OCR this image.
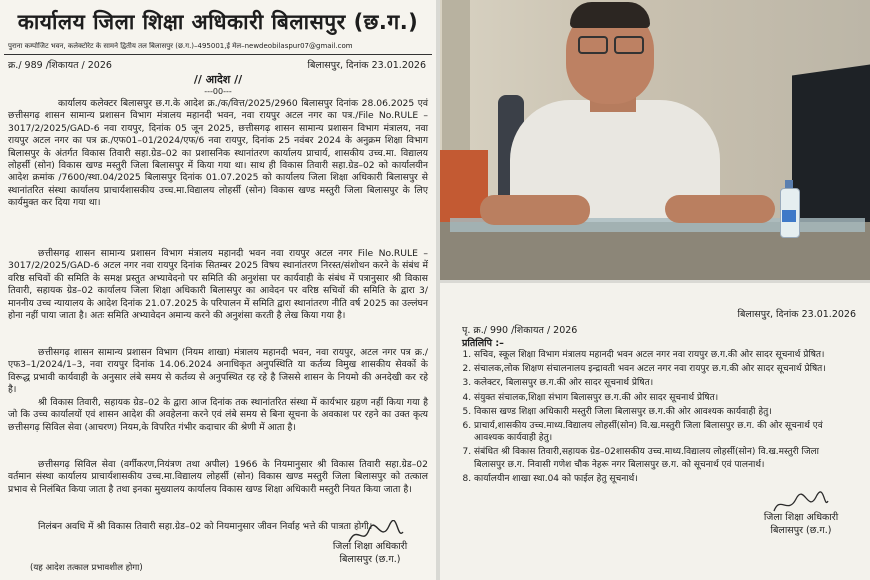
कार्यालय जिला शिक्षा अधिकारी बिलासपुर (छ.ग.)
पुराना कम्पोजिट भवन, कलेक्टोरेट के सामने द्वितीय तल बिलासपुर (छ.ग.)–495001,ई मेल–newdeobilaspur07@gmail.com
क्र./ 989 /शिकायत / 2026	बिलासपुर, दिनांक 23.01.2026
// आदेश //
---00---
कार्यालय कलेक्टर बिलासपुर छ.ग.के आदेश क्र./क/वित्त/2025/2960 बिलासपुर दिनांक 28.06.2025 एवं छत्तीसगढ़ शासन सामान्य प्रशासन विभाग मंत्रालय महानदी भवन, नवा रायपुर अटल नगर का पत्र./File No.RULE – 3017/2/2025/GAD-6 नवा रायपुर, दिनांक 05 जून 2025, छत्तीसगढ़ शासन सामान्य प्रशासन विभाग मंत्रालय, नवा रायपुर अटल नगर का पत्र क्र./एफ01–01/2024/एफ/6 नवा रायपुर, दिनांक 25 नवंबर 2024 के अनुक्रम शिक्षा विभाग बिलासपुर के अंतर्गत विकास तिवारी सहा.ग्रेड–02 का प्रशासनिक स्थानांतरण कार्यालय प्राचार्य, शासकीय उच्च.मा. विद्यालय लोहर्सी (सोन) विकास खण्ड मस्तुरी जिला बिलासपुर में किया गया था। साथ ही विकास तिवारी सहा.ग्रेड–02 को कार्यालयीन आदेश क्रमांक /7600/स्था.04/2025 बिलासपुर दिनांक 01.07.2025 को कार्यालय जिला शिक्षा अधिकारी बिलासपुर से स्थानांतरित संस्था कार्यालय प्राचार्यशासकीय उच्च.मा.विद्यालय लोहर्सी (सोन) विकास खण्ड मस्तुरी जिला बिलासपुर के लिए कार्यमुक्त कर दिया गया था।
छत्तीसगढ़ शासन सामान्य प्रशासन विभाग मंत्रालय महानदी भवन नवा रायपुर अटल नगर File No.RULE – 3017/2/2025/GAD-6 अटल नगर नवा रायपुर दिनांक सितम्बर 2025 विषय स्थानांतरण निरस्त/संशोधन करने के संबंध में वरिष्ठ सचिवों की समिति के समक्ष प्रस्तुत अभ्यावेदनो पर समिति की अनुशंसा पर कार्यवाही के संबंध में पत्रानुसार श्री विकास तिवारी, सहायक ग्रेड–02 कार्यालय जिला शिक्षा अधिकारी बिलासपुर का आवेदन पर वरिष्ठ सचिवों की समिति के द्वारा 3/माननीय उच्च न्यायालय के आदेश दिनांक 21.07.2025 के परिपालन में समिति द्वारा स्थानांतरण नीति वर्ष 2025 का उल्लंघन होना नहीं पाया जाता है। अतः समिति अभ्यावेदन अमान्य करने की अनुशंसा करती है लेख किया गया है।
छत्तीसगढ़ शासन सामान्य प्रशासन विभाग (नियम शाखा) मंत्रालय महानदी भवन, नवा रायपुर, अटल नगर पत्र क्र./एफ3–1/2024/1–3, नवा रायपुर दिनांक 14.06.2024 अनाधिकृत अनुपस्थिति या कर्तव्य विमुख शासकीय सेवकों के विरूद्ध प्रभावी कार्यवाही के अनुसार लंबे समय से कर्तव्य से अनुपस्थित रह रहे है जिससे शासन के नियमो की अनदेखी कर रहे है।
श्री विकास तिवारी, सहायक ग्रेड–02 के द्वारा आज दिनांक तक स्थानांतरित संस्था में कार्यभार ग्रहण नहीं किया गया है जो कि उच्च कार्यालयों एवं शासन आदेश की अवहेलना करने एवं लंबे समय से बिना सूचना के अवकाश पर रहने का उक्त कृत्य छत्तीसगढ़ सिविल सेवा (आचरण) नियम,के विपरित गंभीर कदाचार की श्रेणी में आता है।
छत्तीसगढ़ सिविल सेवा (वर्गीकरण,नियंत्रण तथा अपील) 1966 के नियमानुसार श्री विकास तिवारी सहा.ग्रेड–02 वर्तमान संस्था कार्यालय प्राचार्यशासकीय उच्च.मा.विद्यालय लोहर्सी (सोन) विकास खण्ड मस्तुरी जिला बिलासपुर को तत्काल प्रभाव से निलंबित किया जाता है तथा इनका मुख्यालय कार्यालय विकास खण्ड शिक्षा अधिकारी मस्तुरी नियत किया जाता है।
निलंबन अवधि में श्री विकास तिवारी सहा.ग्रेड–02 को नियमानुसार जीवन निर्वाह भत्ते की पात्रता होगी।
(यह आदेश तत्काल प्रभावशील होगा)
जिला शिक्षा अधिकारी
बिलासपुर (छ.ग.)
बिलासपुर, दिनांक 23.01.2026
पृ. क्र./ 990 /शिकायत / 2026
प्रतिलिपि :–
1. सचिव, स्कूल शिक्षा विभाग मंत्रालय महानदी भवन अटल नगर नवा रायपुर छ.ग.की ओर सादर सूचनार्थ प्रेषित।
2. संचालक,लोक शिक्षण संचालनालय इन्द्रावती भवन अटल नगर नवा रायपुर छ.ग.की ओर सादर सूचनार्थ प्रेषित।
3. कलेक्टर, बिलासपुर छ.ग.की ओर सादर सूचनार्थ प्रेषित।
4. संयुक्त संचालक,शिक्षा संभाग बिलासपुर छ.ग.की ओर सादर सूचनार्थ प्रेषित।
5. विकास खण्ड शिक्षा अधिकारी मस्तुरी जिला बिलासपुर छ.ग.की ओर आवश्यक कार्यवाही हेतु।
6. प्राचार्य,शासकीय उच्च.माध्य.विद्यालय लोहर्सी(सोन) वि.ख.मस्तुरी जिला बिलासपुर छ.ग. की ओर सूचनार्थ एवं आवश्यक कार्यवाही हेतु।
7. संबंधित श्री विकास तिवारी,सहायक ग्रेड–02शासकीय उच्च.माध्य.विद्यालय लोहर्सी(सोन) वि.ख.मस्तुरी जिला बिलासपुर छ.ग. निवासी गणेश चौक नेहरू नगर बिलासपुर छ.ग. को सूचनार्थ एवं पालनार्थ।
8. कार्यालयीन शाखा स्था.04 को फाईल हेतु सूचनार्थ।
जिला शिक्षा अधिकारी
बिलासपुर (छ.ग.)
